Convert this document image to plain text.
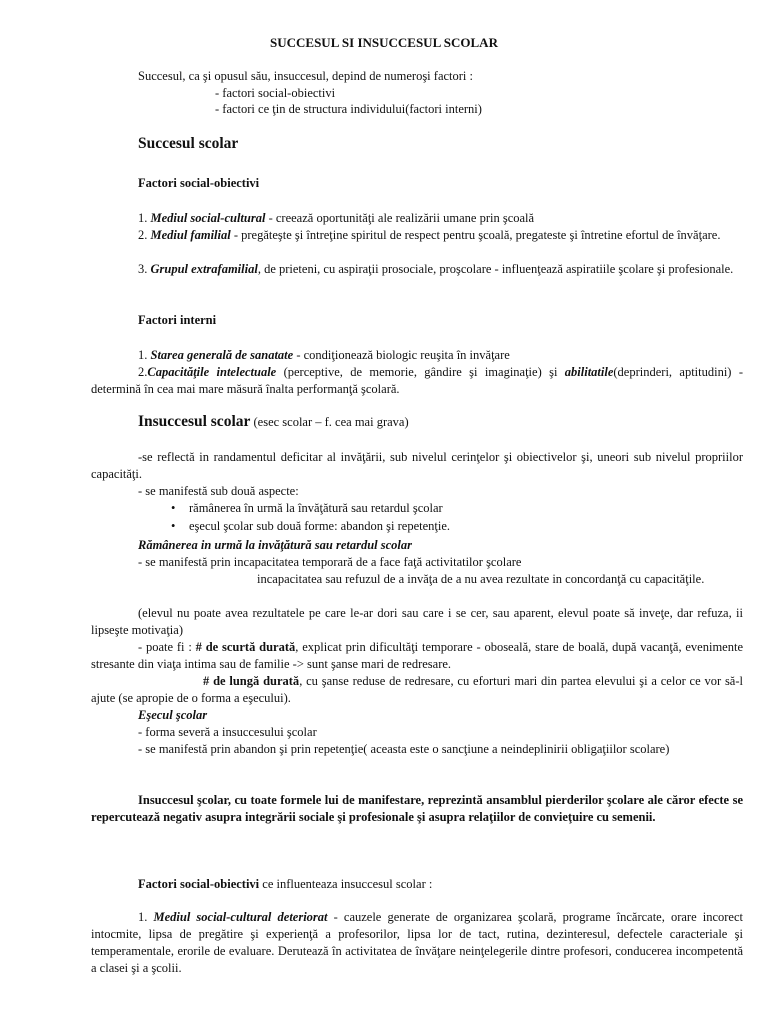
SUCCESUL SI INSUCCESUL SCOLAR
Succesul, ca şi opusul său, insuccesul, depind de numeroşi factori :
- factori social-obiectivi
- factori ce ţin de structura individului(factori interni)
Succesul scolar
Factori social-obiectivi
1. Mediul social-cultural - creează oportunităţi ale realizării umane prin şcoală
2. Mediul familial - pregăteşte şi întreţine spiritul de respect pentru şcoală, pregateste şi întretine efortul de învăţare.
3. Grupul extrafamilial, de prieteni, cu aspiraţii prosociale, proşcolare - influenţează aspiratiile şcolare şi profesionale.
Factori interni
1. Starea generală de sanatate - condiţionează biologic reuşita în invăţare
2.Capacităţile intelectuale (perceptive, de memorie, gândire şi imaginaţie) şi abilitatile(deprinderi, aptitudini) - determină în cea mai mare măsură înalta performanţă şcolară.
Insuccesul scolar (esec scolar – f. cea mai grava)
-se reflectă in randamentul deficitar al invăţării, sub nivelul cerinţelor şi obiectivelor şi, uneori sub nivelul propriilor capacităţi.
- se manifestă sub două aspecte:
• rămânerea în urmă la învăţătură sau retardul şcolar
• eşecul şcolar sub două forme: abandon şi repetenţie.
Rămânerea in urmă la invăţătură sau retardul scolar
- se manifestă prin incapacitatea temporară de a face faţă activitatilor şcolare
incapacitatea sau refuzul de a invăţa de a nu avea rezultate in concordanţă cu capacităţile.
(elevul nu poate avea rezultatele pe care le-ar dori sau care i se cer, sau aparent, elevul poate să inveţe, dar refuza, ii lipseşte motivaţia)
- poate fi : # de scurtă durată, explicat prin dificultăţi temporare - oboseală, stare de boală, după vacanţă, evenimente stresante din viaţa intima sau de familie -> sunt şanse mari de redresare.
# de lungă durată, cu şanse reduse de redresare, cu eforturi mari din partea elevului şi a celor ce vor să-l ajute (se apropie de o forma a eşecului).
Eşecul şcolar
- forma severă a insuccesului şcolar
- se manifestă prin abandon şi prin repetenţie( aceasta este o sancţiune a neindeplinirii obligaţiilor scolare)
Insuccesul şcolar, cu toate formele lui de manifestare, reprezintă ansamblul pierderilor şcolare ale căror efecte se repercutează negativ asupra integrării sociale şi profesionale şi asupra relaţiilor de convieţuire cu semenii.
Factori social-obiectivi ce influenteaza insuccesul scolar :
1. Mediul social-cultural deteriorat - cauzele generate de organizarea şcolară, programe încărcate, orare incorect intocmite, lipsa de pregătire şi experienţă a profesorilor, lipsa lor de tact, rutina, dezinteresul, defectele caracteriale şi temperamentale, erorile de evaluare. Derutează în activitatea de învăţare neinţelegerile dintre profesori, conducerea incompetentă a clasei şi a şcolii.
